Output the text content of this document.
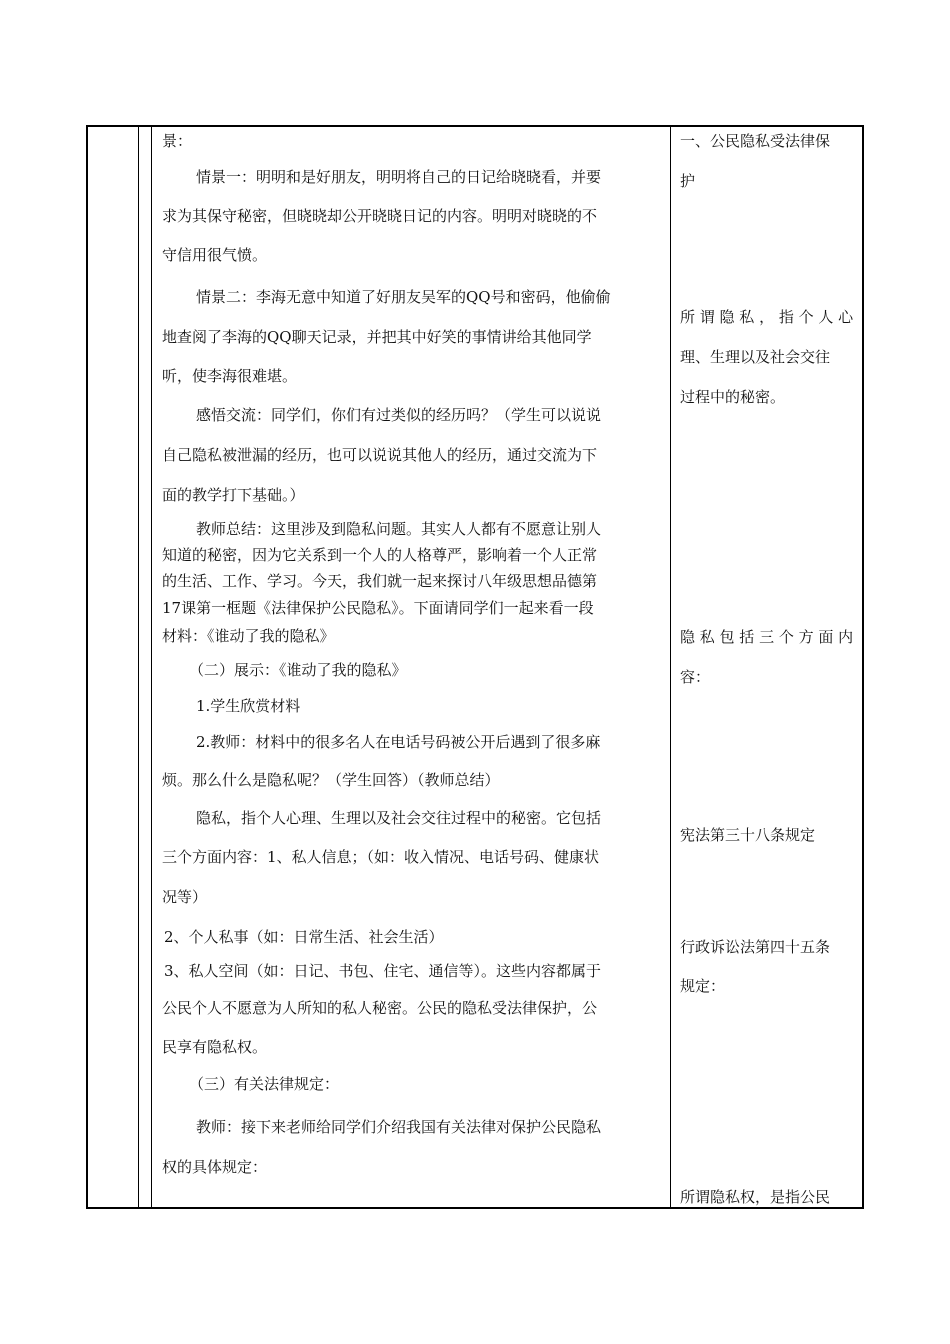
景：
情景一：明明和是好朋友，明明将自己的日记给晓晓看，并要
求为其保守秘密，但晓晓却公开晓晓日记的内容。明明对晓晓的不
守信用很气愤。
情景二：李海无意中知道了好朋友吴军的QQ号和密码，他偷偷
地查阅了李海的QQ聊天记录，并把其中好笑的事情讲给其他同学
听，使李海很难堪。
感悟交流：同学们，你们有过类似的经历吗？（学生可以说说
自己隐私被泄漏的经历，也可以说说其他人的经历，通过交流为下
面的教学打下基础。）
教师总结：这里涉及到隐私问题。其实人人都有不愿意让别人
知道的秘密，因为它关系到一个人的人格尊严，影响着一个人正常
的生活、工作、学习。今天，我们就一起来探讨八年级思想品德第
17课第一框题《法律保护公民隐私》。下面请同学们一起来看一段
材料：《谁动了我的隐私》
（二）展示：《谁动了我的隐私》
1.学生欣赏材料
2.教师：材料中的很多名人在电话号码被公开后遇到了很多麻
烦。那么什么是隐私呢？（学生回答）（教师总结）
隐私，指个人心理、生理以及社会交往过程中的秘密。它包括
三个方面内容：1、私人信息；（如：收入情况、电话号码、健康状
况等）
2、个人私事（如：日常生活、社会生活）
3、私人空间（如：日记、书包、住宅、通信等）。这些内容都属于
公民个人不愿意为人所知的私人秘密。公民的隐私受法律保护，公
民享有隐私权。
（三）有关法律规定：
教师：接下来老师给同学们介绍我国有关法律对保护公民隐私
权的具体规定：
一、公民隐私受法律保
护
所 谓 隐 私 ， 指 个 人 心
理、生理以及社会交往
过程中的秘密。
隐 私 包 括 三 个 方 面 内
容：
宪法第三十八条规定
行政诉讼法第四十五条
规定：
所谓隐私权，是指公民
